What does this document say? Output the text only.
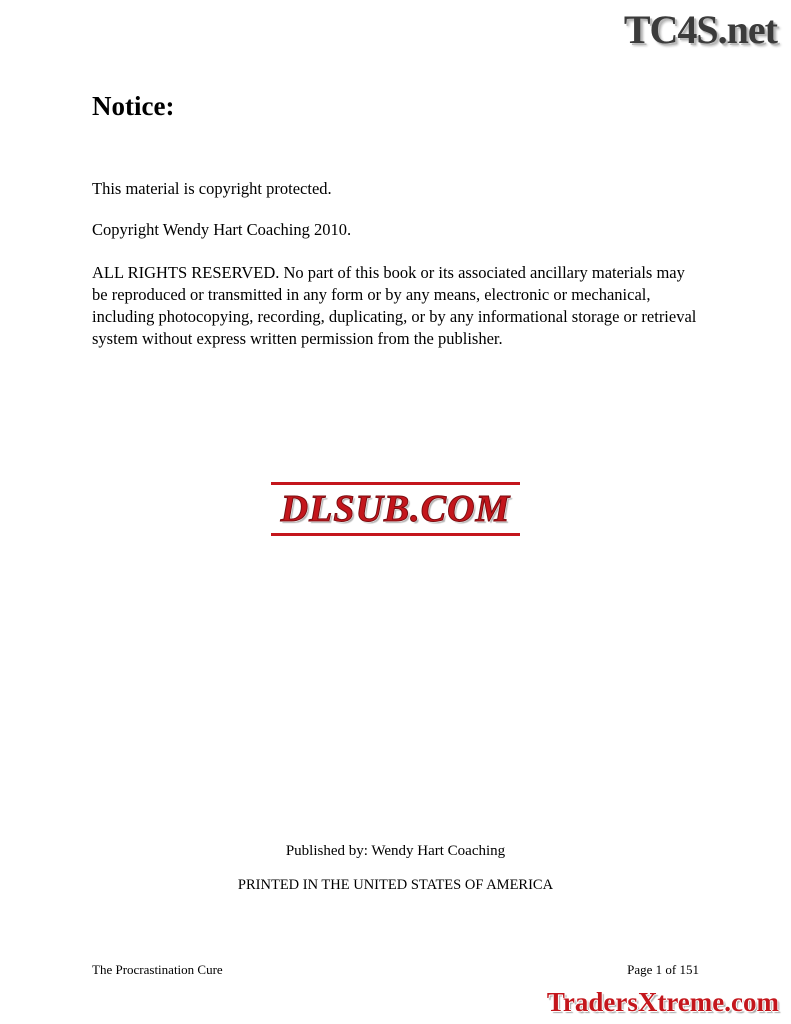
TC4S.net
Notice:

This material is copyright protected.

Copyright Wendy Hart Coaching 2010.

ALL RIGHTS RESERVED. No part of this book or its associated ancillary materials may be reproduced or transmitted in any form or by any means, electronic or mechanical, including photocopying, recording, duplicating, or by any informational storage or retrieval system without express written permission from the publisher.

DLSUB.COM
Published by: Wendy Hart Coaching
PRINTED IN THE UNITED STATES OF AMERICA
The Procrastination Cure	Page 1 of 151
TradersXtreme.com
